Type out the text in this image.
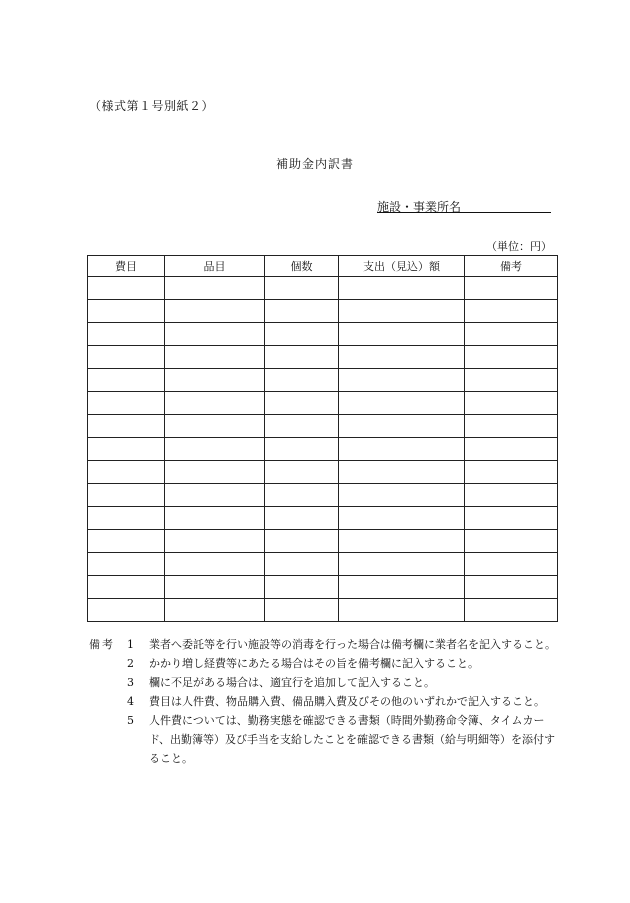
（様式第１号別紙２）
補助金内訳書
施設・事業所名
（単位：円）
費目	品目	個数	支出（見込）額	備考

備考 1 業者へ委託等を行い施設等の消毒を行った場合は備考欄に業者名を記入すること。
2 かかり増し経費等にあたる場合はその旨を備考欄に記入すること。
3 欄に不足がある場合は、適宜行を追加して記入すること。
4 費目は人件費、物品購入費、備品購入費及びその他のいずれかで記入すること。
5 人件費については、勤務実態を確認できる書類（時間外勤務命令簿、タイムカード、出勤簿等）及び手当を支給したことを確認できる書類（給与明細等）を添付すること。
